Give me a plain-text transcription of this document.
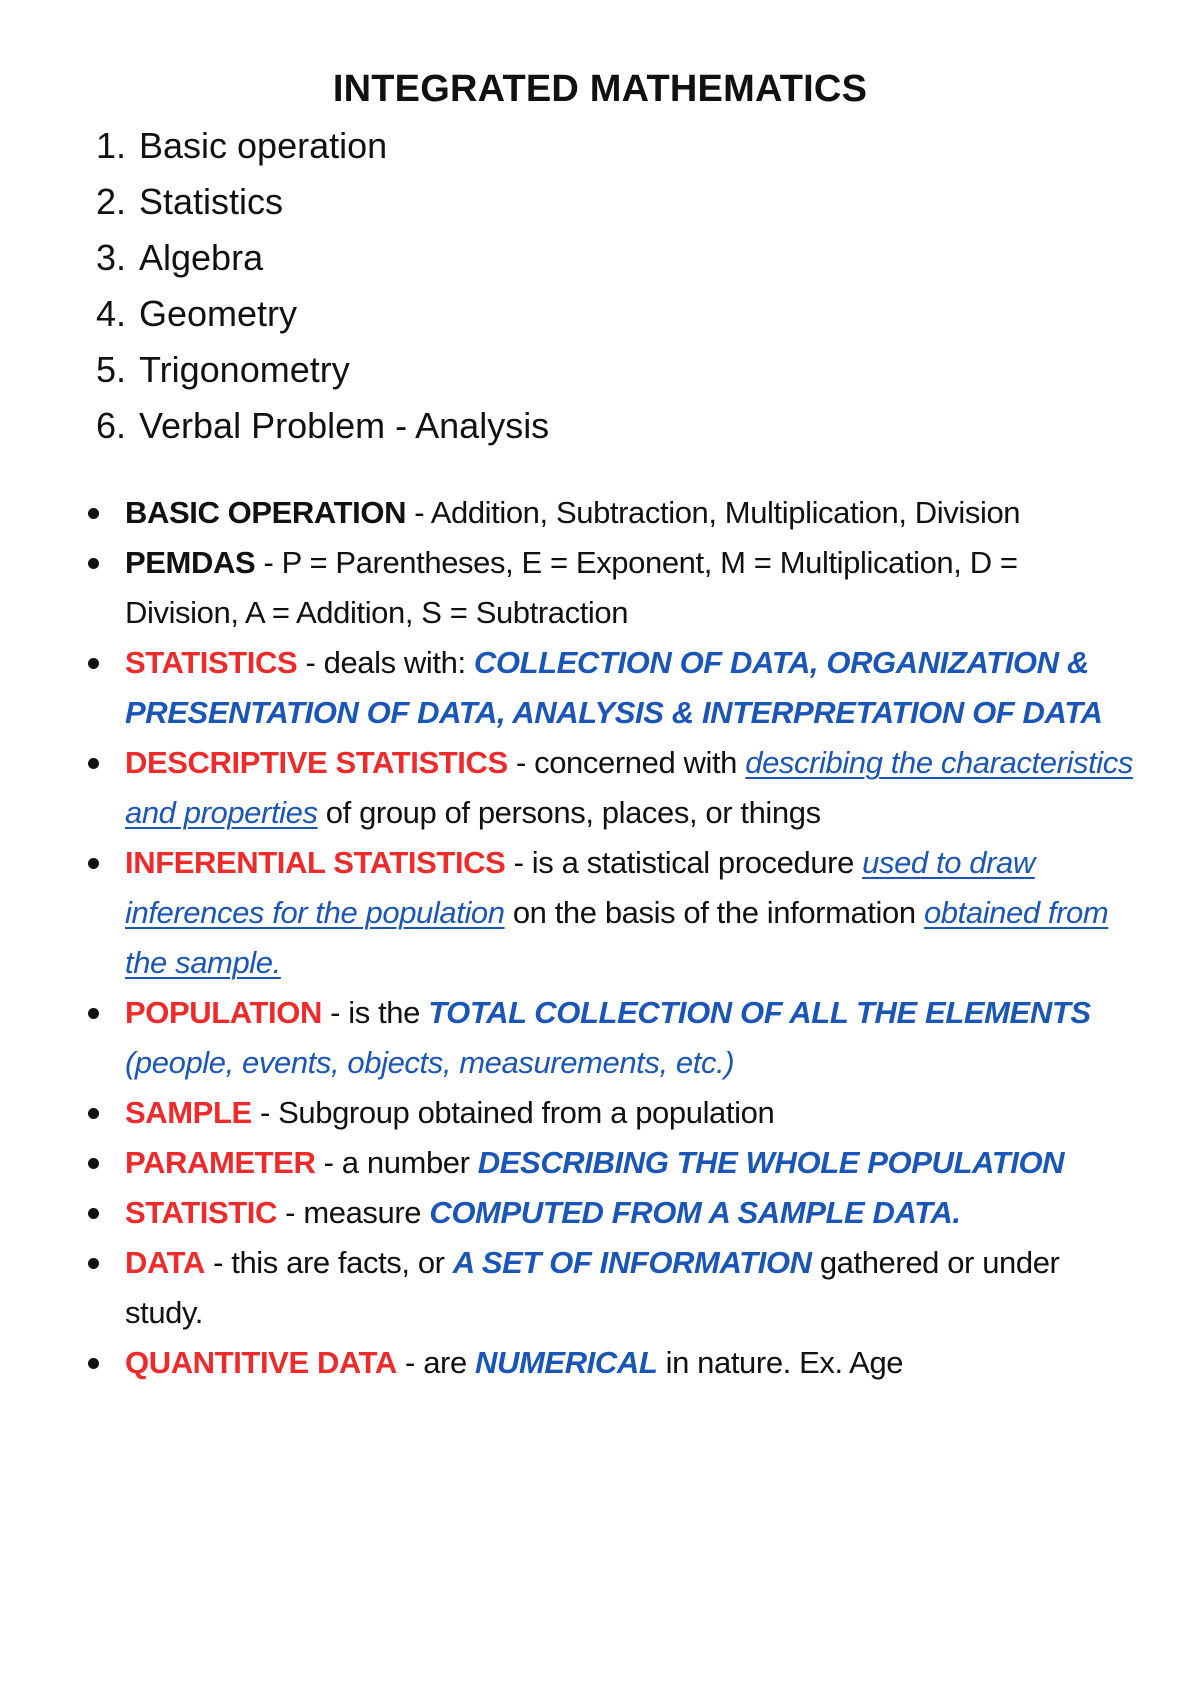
INTEGRATED MATHEMATICS
1. Basic operation
2. Statistics
3. Algebra
4. Geometry
5. Trigonometry
6. Verbal Problem - Analysis
BASIC OPERATION - Addition, Subtraction, Multiplication, Division
PEMDAS - P = Parentheses, E = Exponent, M = Multiplication, D = Division, A = Addition, S = Subtraction
STATISTICS - deals with: COLLECTION OF DATA, ORGANIZATION & PRESENTATION OF DATA, ANALYSIS & INTERPRETATION OF DATA
DESCRIPTIVE STATISTICS - concerned with describing the characteristics and properties of group of persons, places, or things
INFERENTIAL STATISTICS - is a statistical procedure used to draw inferences for the population on the basis of the information obtained from the sample.
POPULATION - is the TOTAL COLLECTION OF ALL THE ELEMENTS (people, events, objects, measurements, etc.)
SAMPLE - Subgroup obtained from a population
PARAMETER - a number DESCRIBING THE WHOLE POPULATION
STATISTIC - measure COMPUTED FROM A SAMPLE DATA.
DATA - this are facts, or A SET OF INFORMATION gathered or under study.
QUANTITIVE DATA - are NUMERICAL in nature. Ex. Age
